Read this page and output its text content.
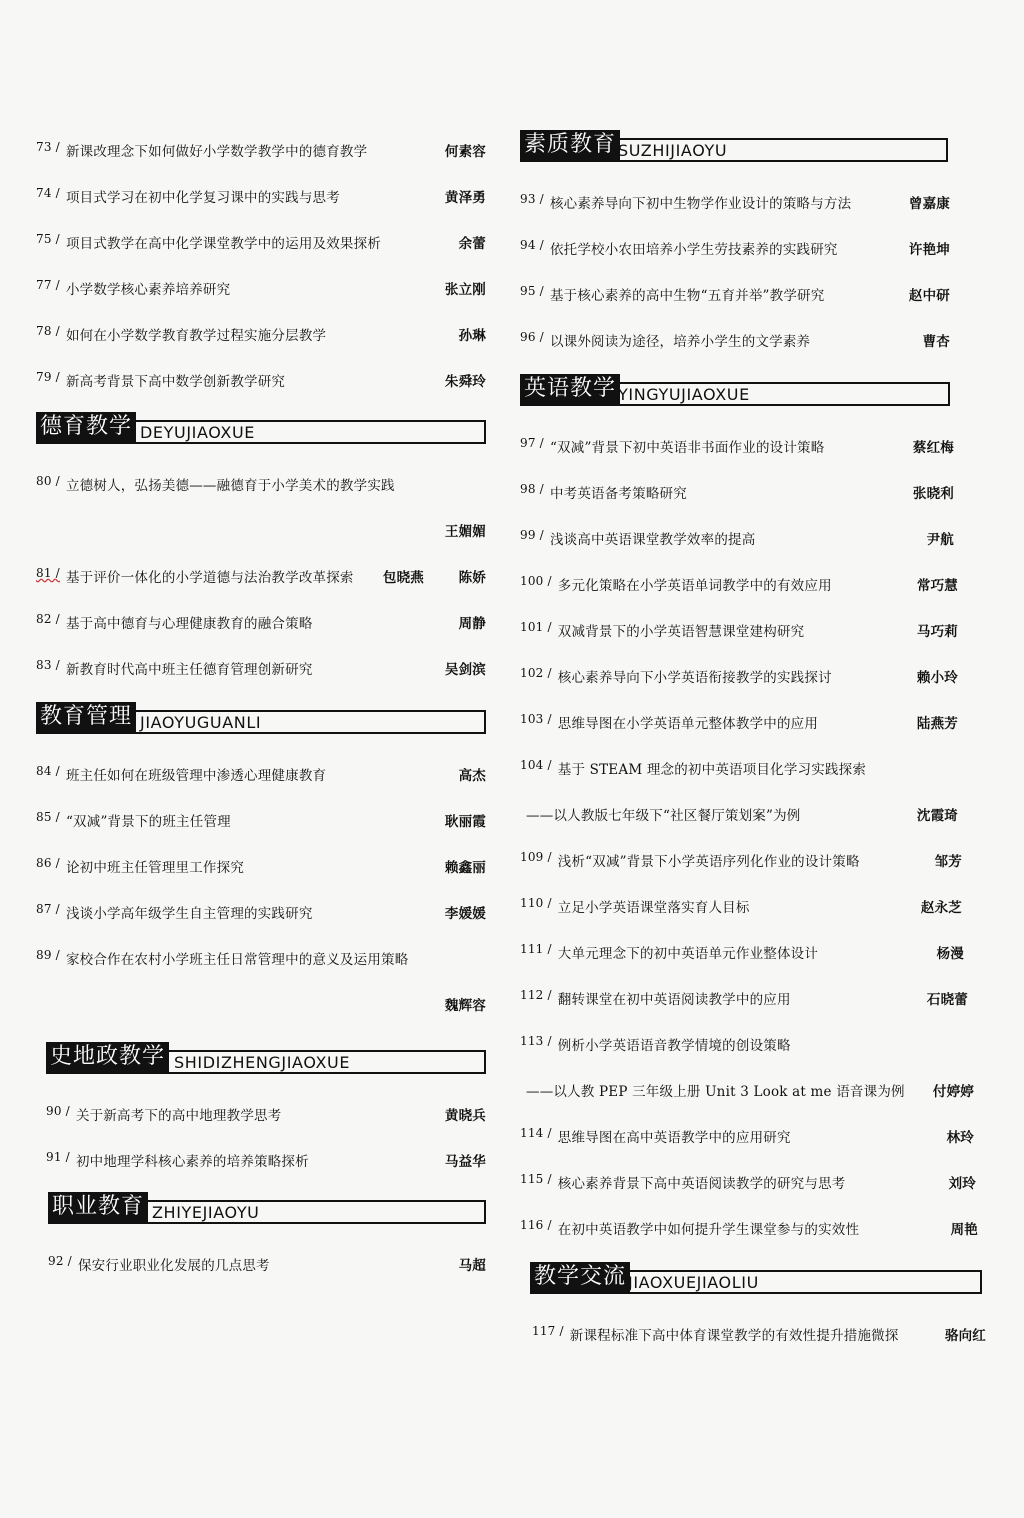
73 / 新课改理念下如何做好小学数学教学中的德育教学	何素容
74 / 项目式学习在初中化学复习课中的实践与思考	黄泽勇
75 / 项目式教学在高中化学课堂教学中的运用及效果探析	余蕾
77 / 小学数学核心素养培养研究	张立刚
78 / 如何在小学数学教育教学过程实施分层教学	孙琳
79 / 新高考背景下高中数学创新教学研究	朱舜玲
德育教学 DEYUJIAOXUE
80 / 立德树人，弘扬美德——融德育于小学美术的教学实践
王媚媚
81 / 基于评价一体化的小学道德与法治教学改革探索	包晓燕	陈娇
82 / 基于高中德育与心理健康教育的融合策略	周静
83 / 新教育时代高中班主任德育管理创新研究	吴剑滨
教育管理 JIAOYUGUANLI
84 / 班主任如何在班级管理中渗透心理健康教育	高杰
85 / “双减”背景下的班主任管理	耿丽霞
86 / 论初中班主任管理里工作探究	赖鑫丽
87 / 浅谈小学高年级学生自主管理的实践研究	李媛媛
89 / 家校合作在农村小学班主任日常管理中的意义及运用策略
魏辉容
史地政教学 SHIDIZHENGJIAOXUE
90 / 关于新高考下的高中地理教学思考	黄晓兵
91 / 初中地理学科核心素养的培养策略探析	马益华
职业教育 ZHIYEJIAOYU
92 / 保安行业职业化发展的几点思考	马超
素质教育 SUZHIJIAOYU
93 / 核心素养导向下初中生物学作业设计的策略与方法	曾嘉康
94 / 依托学校小农田培养小学生劳技素养的实践研究	许艳坤
95 / 基于核心素养的高中生物“五育并举”教学研究	赵中研
96 / 以课外阅读为途径，培养小学生的文学素养	曹杏
英语教学 YINGYUJIAOXUE
97 / “双减”背景下初中英语非书面作业的设计策略	蔡红梅
98 / 中考英语备考策略研究	张晓利
99 / 浅谈高中英语课堂教学效率的提高	尹航
100 / 多元化策略在小学英语单词教学中的有效应用	常巧慧
101 / 双减背景下的小学英语智慧课堂建构研究	马巧莉
102 / 核心素养导向下小学英语衔接教学的实践探讨	赖小玲
103 / 思维导图在小学英语单元整体教学中的应用	陆燕芳
104 / 基于 STEAM 理念的初中英语项目化学习实践探索
——以人教版七年级下“社区餐厅策划案”为例	沈霞琦
109 / 浅析“双减”背景下小学英语序列化作业的设计策略	邹芳
110 / 立足小学英语课堂落实育人目标	赵永芝
111 / 大单元理念下的初中英语单元作业整体设计	杨漫
112 / 翻转课堂在初中英语阅读教学中的应用	石晓蕾
113 / 例析小学英语语音教学情境的创设策略
——以人教 PEP 三年级上册 Unit 3 Look at me 语音课为例	付婷婷
114 / 思维导图在高中英语教学中的应用研究	林玲
115 / 核心素养背景下高中英语阅读教学的研究与思考	刘玲
116 / 在初中英语教学中如何提升学生课堂参与的实效性	周艳
教学交流 JIAOXUEJIAOLIU
117 / 新课程标准下高中体育课堂教学的有效性提升措施微探	骆向红
